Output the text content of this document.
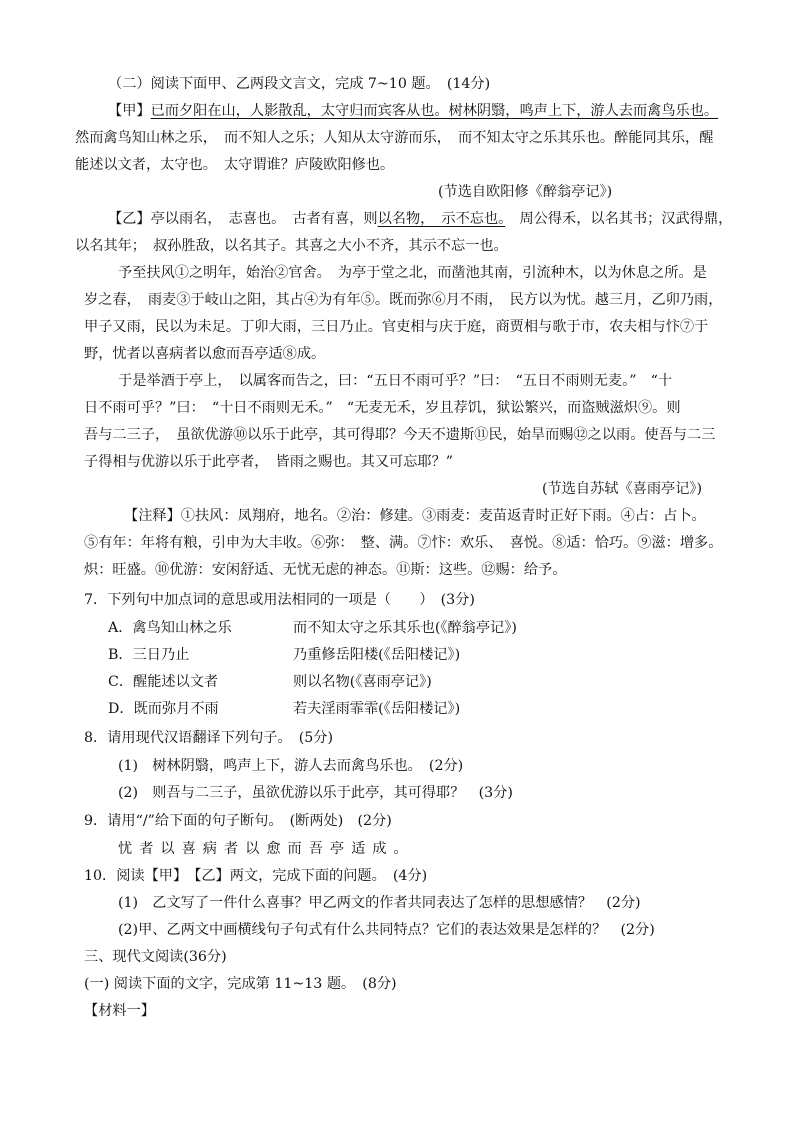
（二）阅读下面甲、乙两段文言文，完成 7~10 题。　(14分)
【甲】已而夕阳在山，人影散乱，太守归而宾客从也。树林阴翳，鸣声上下，游人去而禽鸟乐也。
然而禽鸟知山林之乐，　而不知人之乐；人知从太守游而乐，　而不知太守之乐其乐也。醉能同其乐，醒
能述以文者，太守也。　太守谓谁？庐陵欧阳修也。
(节选自欧阳修《醉翁亭记》)
【乙】亭以雨名，　志喜也。　古者有喜，则以名物，　示不忘也。　周公得禾，以名其书；汉武得鼎，
以名其年；　叔孙胜敌，以名其子。其喜之大小不齐，其示不忘一也。
予至扶风①之明年，始治②官舍。　为亭于堂之北，而凿池其南，引流种木，以为休息之所。是
岁之春，　雨麦③于岐山之阳，其占④为有年⑤。既而弥⑥月不雨，　民方以为忧。越三月，乙卯乃雨，
甲子又雨，民以为未足。丁卯大雨，三日乃止。官吏相与庆于庭，商贾相与歌于市，农夫相与忭⑦于
野，忧者以喜病者以愈而吾亭适⑧成。
于是举酒于亭上，　以属客而告之，曰：“五日不雨可乎？”曰：　“五日不雨则无麦。”　“十
日不雨可乎？”曰：　“十日不雨则无禾。”　“无麦无禾，岁且荐饥，狱讼繁兴，而盗贼滋炽⑨。则
吾与二三子，　虽欲优游⑩以乐于此亭，其可得耶？今天不遗斯⑪民，始旱而赐⑫之以雨。使吾与二三
子得相与优游以乐于此亭者，　皆雨之赐也。其又可忘耶？”
(节选自苏轼《喜雨亭记》)
【注释】①扶风：凤翔府，地名。②治：修建。③雨麦：麦苗返青时正好下雨。④占：占卜。
⑤有年：年将有粮，引申为大丰收。⑥弥：　整、满。⑦忭：欢乐、　喜悦。⑧适：恰巧。⑨滋：增多。
炽：旺盛。⑩优游：安闲舒适、无忧无虑的神态。⑪斯：这些。⑫赐：给予。
7．下列句中加点词的意思或用法相同的一项是（　　）　(3分)
A．禽鸟知山林之乐	而不知太守之乐其乐也(《醉翁亭记》)
B．三日乃止	乃重修岳阳楼(《岳阳楼记》)
C．醒能述以文者	则以名物(《喜雨亭记》)
D．既而弥月不雨	若夫淫雨霏霏(《岳阳楼记》)
8．请用现代汉语翻译下列句子。　(5分)
(1)　树林阴翳，鸣声上下，游人去而禽鸟乐也。　(2分)
(2)　则吾与二三子，虽欲优游以乐于此亭，其可得耶？　(3分)
9．请用“/”给下面的句子断句。　(断两处)　(2分)
忧者以喜病者以愈而吾亭适成。
10．阅读【甲】　【乙】两文，完成下面的问题。　(4分)
(1)　乙文写了一件什么喜事？甲乙两文的作者共同表达了怎样的思想感情？　(2分)
(2)甲、乙两文中画横线句子句式有什么共同特点？它们的表达效果是怎样的？　(2分)
三、现代文阅读(36分)
(一) 阅读下面的文字，完成第 11~13 题。　(8分)
【材料一】
